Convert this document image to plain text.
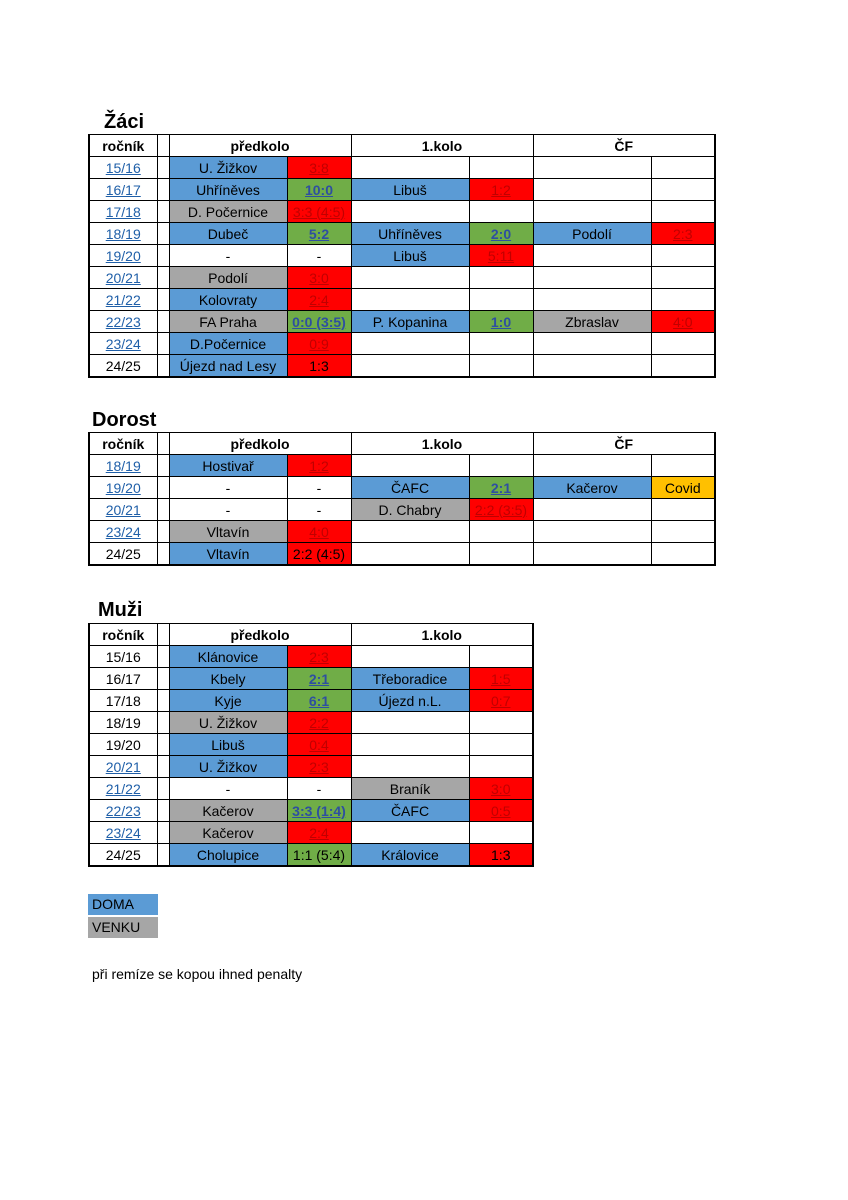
Žáci
ročník		předkolo		1.kolo		ČF	
15/16		U. Žižkov	3:8				
16/17		Uhříněves	10:0	Libuš	1:2		
17/18		D. Počernice	3:3 (4:5)				
18/19		Dubeč	5:2	Uhříněves	2:0	Podolí	2:3
19/20		-	-	Libuš	5:11		
20/21		Podolí	3:0				
21/22		Kolovraty	2:4				
22/23		FA Praha	0:0 (3:5)	P. Kopanina	1:0	Zbraslav	4:0
23/24		D.Počernice	0:9				
24/25		Újezd nad Lesy	1:3				
Dorost
ročník		předkolo		1.kolo		ČF	
18/19		Hostivař	1:2				
19/20		-	-	ČAFC	2:1	Kačerov	Covid
20/21		-	-	D. Chabry	2:2 (3:5)		
23/24		Vltavín	4:0				
24/25		Vltavín	2:2 (4:5)				
Muži
ročník		předkolo		1.kolo	
15/16		Klánovice	2:3		
16/17		Kbely	2:1	Třeboradice	1:5
17/18		Kyje	6:1	Újezd n.L.	0:7
18/19		U. Žižkov	2:2		
19/20		Libuš	0:4		
20/21		U. Žižkov	2:3		
21/22		-	-	Braník	3:0
22/23		Kačerov	3:3 (1:4)	ČAFC	0:5
23/24		Kačerov	2:4		
24/25		Cholupice	1:1 (5:4)	Královice	1:3
DOMA
VENKU
při remíze se kopou ihned penalty
